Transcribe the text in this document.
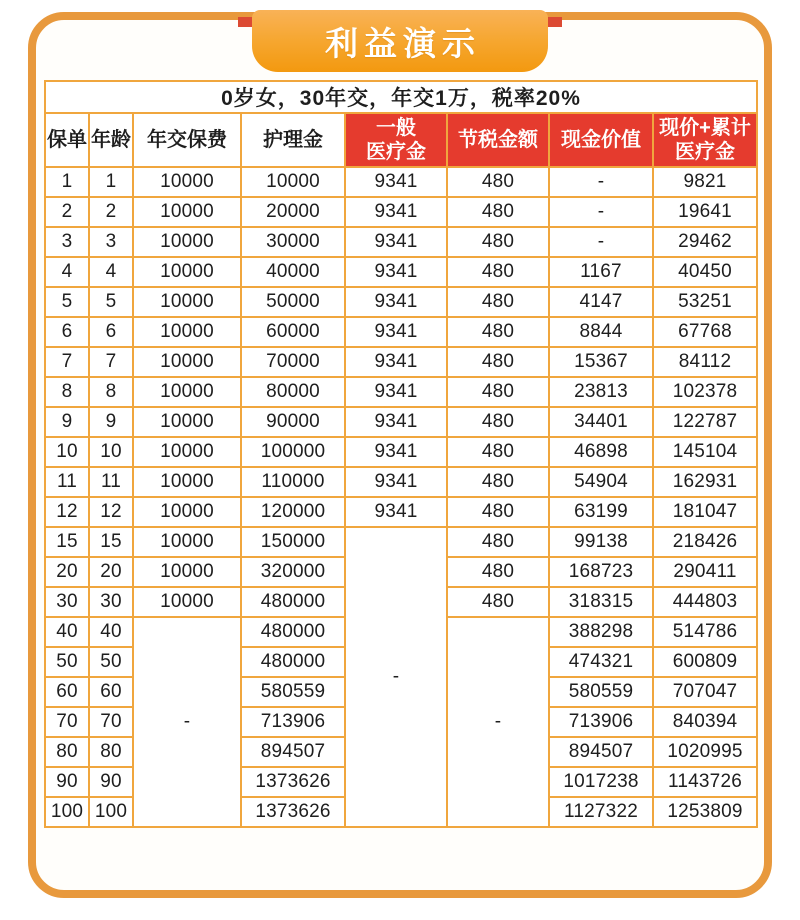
利益演示
0岁女，30年交，年交1万，税率20%							
保单	年龄	年交保费	护理金	一般
医疗金	节税金额	现金价值	现价+累计
医疗金
1	1	10000	10000	9341	480	-	9821
2	2	10000	20000	9341	480	-	19641
3	3	10000	30000	9341	480	-	29462
4	4	10000	40000	9341	480	1167	40450
5	5	10000	50000	9341	480	4147	53251
6	6	10000	60000	9341	480	8844	67768
7	7	10000	70000	9341	480	15367	84112
8	8	10000	80000	9341	480	23813	102378
9	9	10000	90000	9341	480	34401	122787
10	10	10000	100000	9341	480	46898	145104
11	11	10000	110000	9341	480	54904	162931
12	12	10000	120000	9341	480	63199	181047
15	15	10000	150000	-	480	99138	218426
20	20	10000	320000		480	168723	290411
30	30	10000	480000		480	318315	444803
40	40	-	480000		-	388298	514786
50	50		480000			474321	600809
60	60		580559			580559	707047
70	70		713906			713906	840394
80	80		894507			894507	1020995
90	90		1373626			1017238	1143726
100	100		1373626			1127322	1253809
